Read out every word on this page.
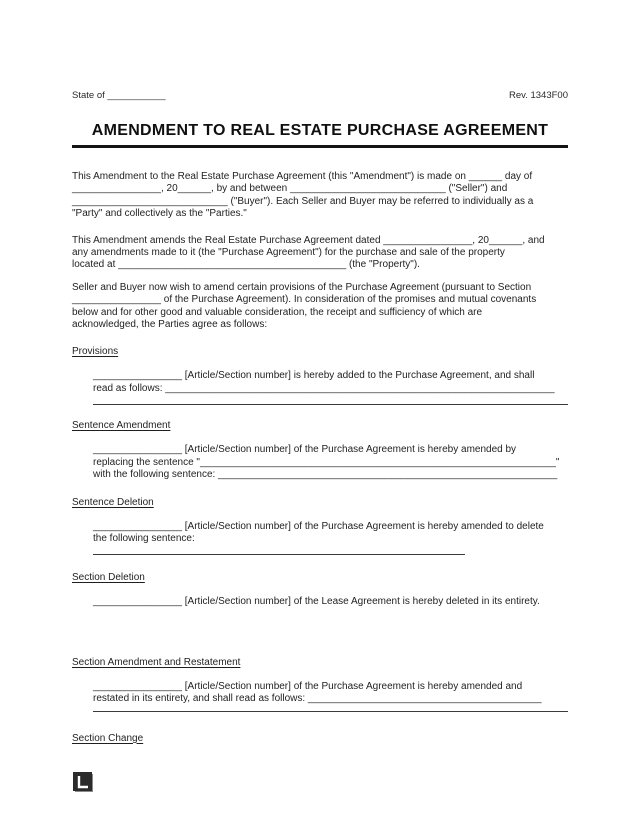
State of ___________	Rev. 1343F00
AMENDMENT TO REAL ESTATE PURCHASE AGREEMENT
This Amendment to the Real Estate Purchase Agreement (this "Amendment") is made on ______ day of
________________, 20______, by and between ____________________________ ("Seller") and
____________________________ ("Buyer"). Each Seller and Buyer may be referred to individually as a
"Party" and collectively as the "Parties."
This Amendment amends the Real Estate Purchase Agreement dated ________________, 20______, and
any amendments made to it (the "Purchase Agreement") for the purchase and sale of the property
located at _________________________________________ (the "Property").
Seller and Buyer now wish to amend certain provisions of the Purchase Agreement (pursuant to Section
________________ of the Purchase Agreement). In consideration of the promises and mutual covenants
below and for other good and valuable consideration, the receipt and sufficiency of which are
acknowledged, the Parties agree as follows:
Provisions
________________ [Article/Section number] is hereby added to the Purchase Agreement, and shall
read as follows: ______________________________________________________________________
Sentence Amendment
________________ [Article/Section number] of the Purchase Agreement is hereby amended by
replacing the sentence "________________________________________________________________"
with the following sentence: _____________________________________________________________
Sentence Deletion
________________ [Article/Section number] of the Purchase Agreement is hereby amended to delete
the following sentence:
Section Deletion
________________ [Article/Section number] of the Lease Agreement is hereby deleted in its entirety.
Section Amendment and Restatement
________________ [Article/Section number] of the Purchase Agreement is hereby amended and
restated in its entirety, and shall read as follows: __________________________________________
Section Change
